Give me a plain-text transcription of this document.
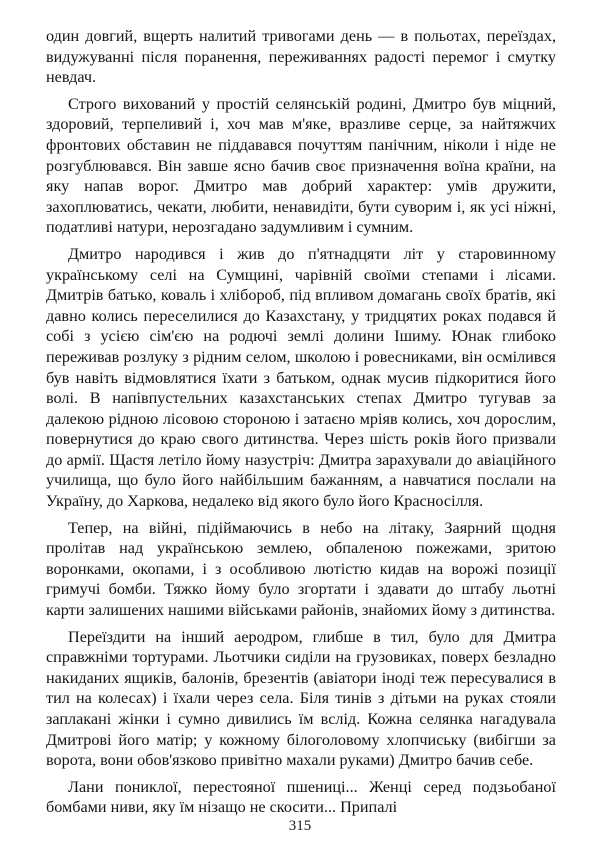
один довгий, вщерть налитий тривогами день — в польотах, переїздах, видужуванні після поранення, переживаннях радості перемог і смутку невдач.

Строго вихований у простій селянській родині, Дмитро був міцний, здоровий, терпеливий і, хоч мав м'яке, вразливе серце, за найтяжчих фронтових обставин не піддавався почуттям панічним, ніколи і ніде не розгублювався. Він завше ясно бачив своє призначення воїна країни, на яку напав ворог. Дмитро мав добрий характер: умів дружити, захоплюватись, чекати, любити, ненавидіти, бути суворим і, як усі ніжні, податливі натури, нерозгадано задумливим і сумним.

Дмитро народився і жив до п'ятнадцяти літ у старовинному українському селі на Сумщині, чарівній своїми степами і лісами. Дмитрів батько, коваль і хлібороб, під впливом домагань своїх братів, які давно колись переселилися до Казахстану, у тридцятих роках подався й собі з усією сім'єю на родючі землі долини Ішиму. Юнак глибоко переживав розлуку з рідним селом, школою і ровесниками, він осмілився був навіть відмовлятися їхати з батьком, однак мусив підкоритися його волі. В напівпустельних казахстанських степах Дмитро тугував за далекою рідною лісовою стороною і затаєно мріяв колись, хоч дорослим, повернутися до краю свого дитинства. Через шість років його призвали до армії. Щастя летіло йому назустріч: Дмитра зарахували до авіаційного училища, що було його найбільшим бажанням, а навчатися послали на Україну, до Харкова, недалеко від якого було його Красносілля.

Тепер, на війні, підіймаючись в небо на літаку, Заярний щодня пролітав над українською землею, обпаленою пожежами, зритою воронками, окопами, і з особливою лютістю кидав на ворожі позиції гримучі бомби. Тяжко йому було згортати і здавати до штабу льотні карти залишених нашими військами районів, знайомих йому з дитинства.

Переїздити на інший аеродром, глибше в тил, було для Дмитра справжніми тортурами. Льотчики сиділи на грузовиках, поверх безладно накиданих ящиків, балонів, брезентів (авіатори іноді теж пересувалися в тил на колесах) і їхали через села. Біля тинів з дітьми на руках стояли заплакані жінки і сумно дивились їм вслід. Кожна селянка нагадувала Дмитрові його матір; у кожному білоголовому хлопчиську (вибігши за ворота, вони обов'язково привітно махали руками) Дмитро бачив себе.

Лани пониклої, перестояної пшениці... Женці серед подзьобаної бомбами ниви, яку їм нізащо не скосити... Припалі

315
